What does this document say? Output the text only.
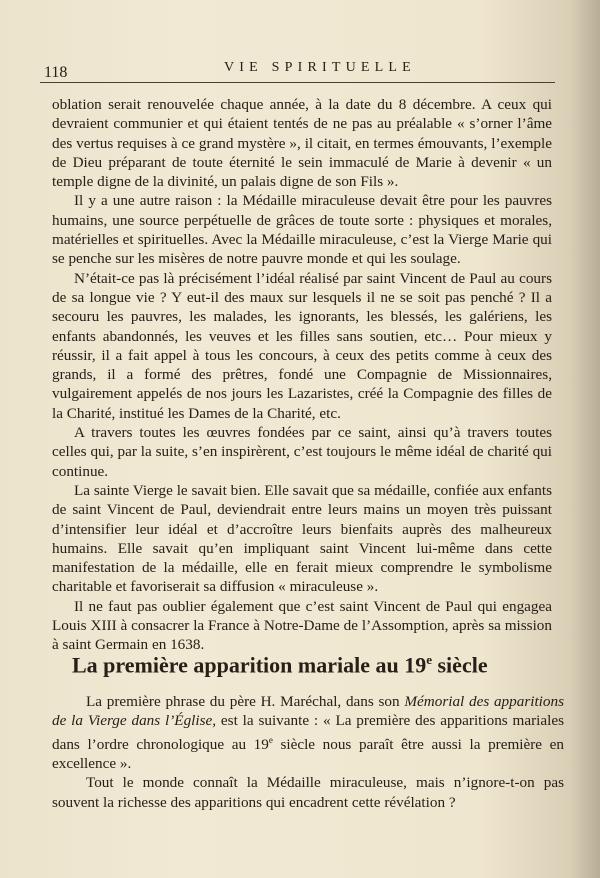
118	VIE SPIRITUELLE

oblation serait renouvelée chaque année, à la date du 8 décembre. A ceux qui devraient communier et qui étaient tentés de ne pas au préalable « s’orner l’âme des vertus requises à ce grand mystère », il citait, en termes émouvants, l’exemple de Dieu préparant de toute éternité le sein immaculé de Marie à devenir « un temple digne de la divinité, un palais digne de son Fils ».

Il y a une autre raison : la Médaille miraculeuse devait être pour les pauvres humains, une source perpétuelle de grâces de toute sorte : physiques et morales, matérielles et spirituelles. Avec la Médaille miraculeuse, c’est la Vierge Marie qui se penche sur les misères de notre pauvre monde et qui les soulage.

N’était-ce pas là précisément l’idéal réalisé par saint Vincent de Paul au cours de sa longue vie ? Y eut-il des maux sur lesquels il ne se soit pas penché ? Il a secouru les pauvres, les malades, les ignorants, les blessés, les galériens, les enfants abandonnés, les veuves et les filles sans soutien, etc… Pour mieux y réussir, il a fait appel à tous les concours, à ceux des petits comme à ceux des grands, il a formé des prêtres, fondé une Compagnie de Missionnaires, vulgairement appelés de nos jours les Lazaristes, créé la Compagnie des filles de la Charité, institué les Dames de la Charité, etc.

A travers toutes les œuvres fondées par ce saint, ainsi qu’à travers toutes celles qui, par la suite, s’en inspirèrent, c’est toujours le même idéal de charité qui continue.

La sainte Vierge le savait bien. Elle savait que sa médaille, confiée aux enfants de saint Vincent de Paul, deviendrait entre leurs mains un moyen très puissant d’intensifier leur idéal et d’accroître leurs bienfaits auprès des malheureux humains. Elle savait qu’en impliquant saint Vincent lui-même dans cette manifestation de la médaille, elle en ferait mieux comprendre le symbolisme charitable et favoriserait sa diffusion « miraculeuse ».

Il ne faut pas oublier également que c’est saint Vincent de Paul qui engagea Louis XIII à consacrer la France à Notre-Dame de l’Assomption, après sa mission à saint Germain en 1638.

La première apparition mariale au 19e siècle

La première phrase du père H. Maréchal, dans son Mémorial des apparitions de la Vierge dans l’Église, est la suivante : « La première des apparitions mariales dans l’ordre chronologique au 19e siècle nous paraît être aussi la première en excellence ».

Tout le monde connaît la Médaille miraculeuse, mais n’ignore-t-on pas souvent la richesse des apparitions qui encadrent cette révélation ?
